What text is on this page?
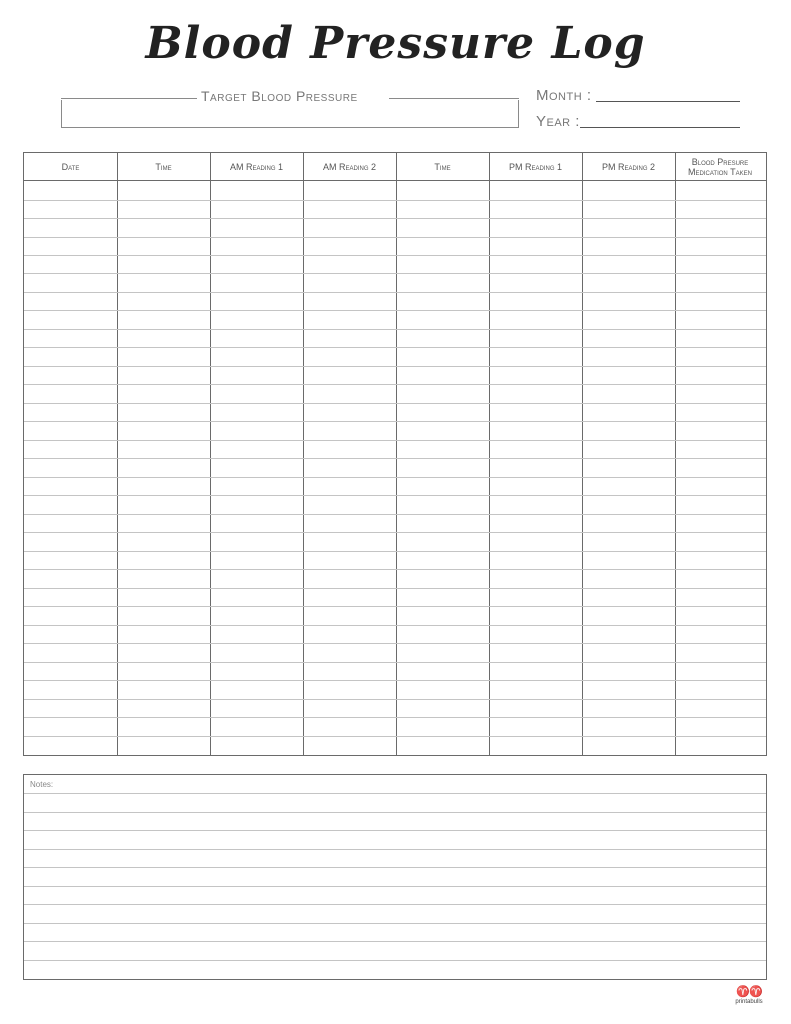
Blood Pressure Log
Target Blood Pressure	Month :
Year :
Date	Time	AM Reading 1	AM Reading 2	Time	PM Reading 1	PM Reading 2	Blood Presure Medication Taken
Notes:
♈♈
printabulls
